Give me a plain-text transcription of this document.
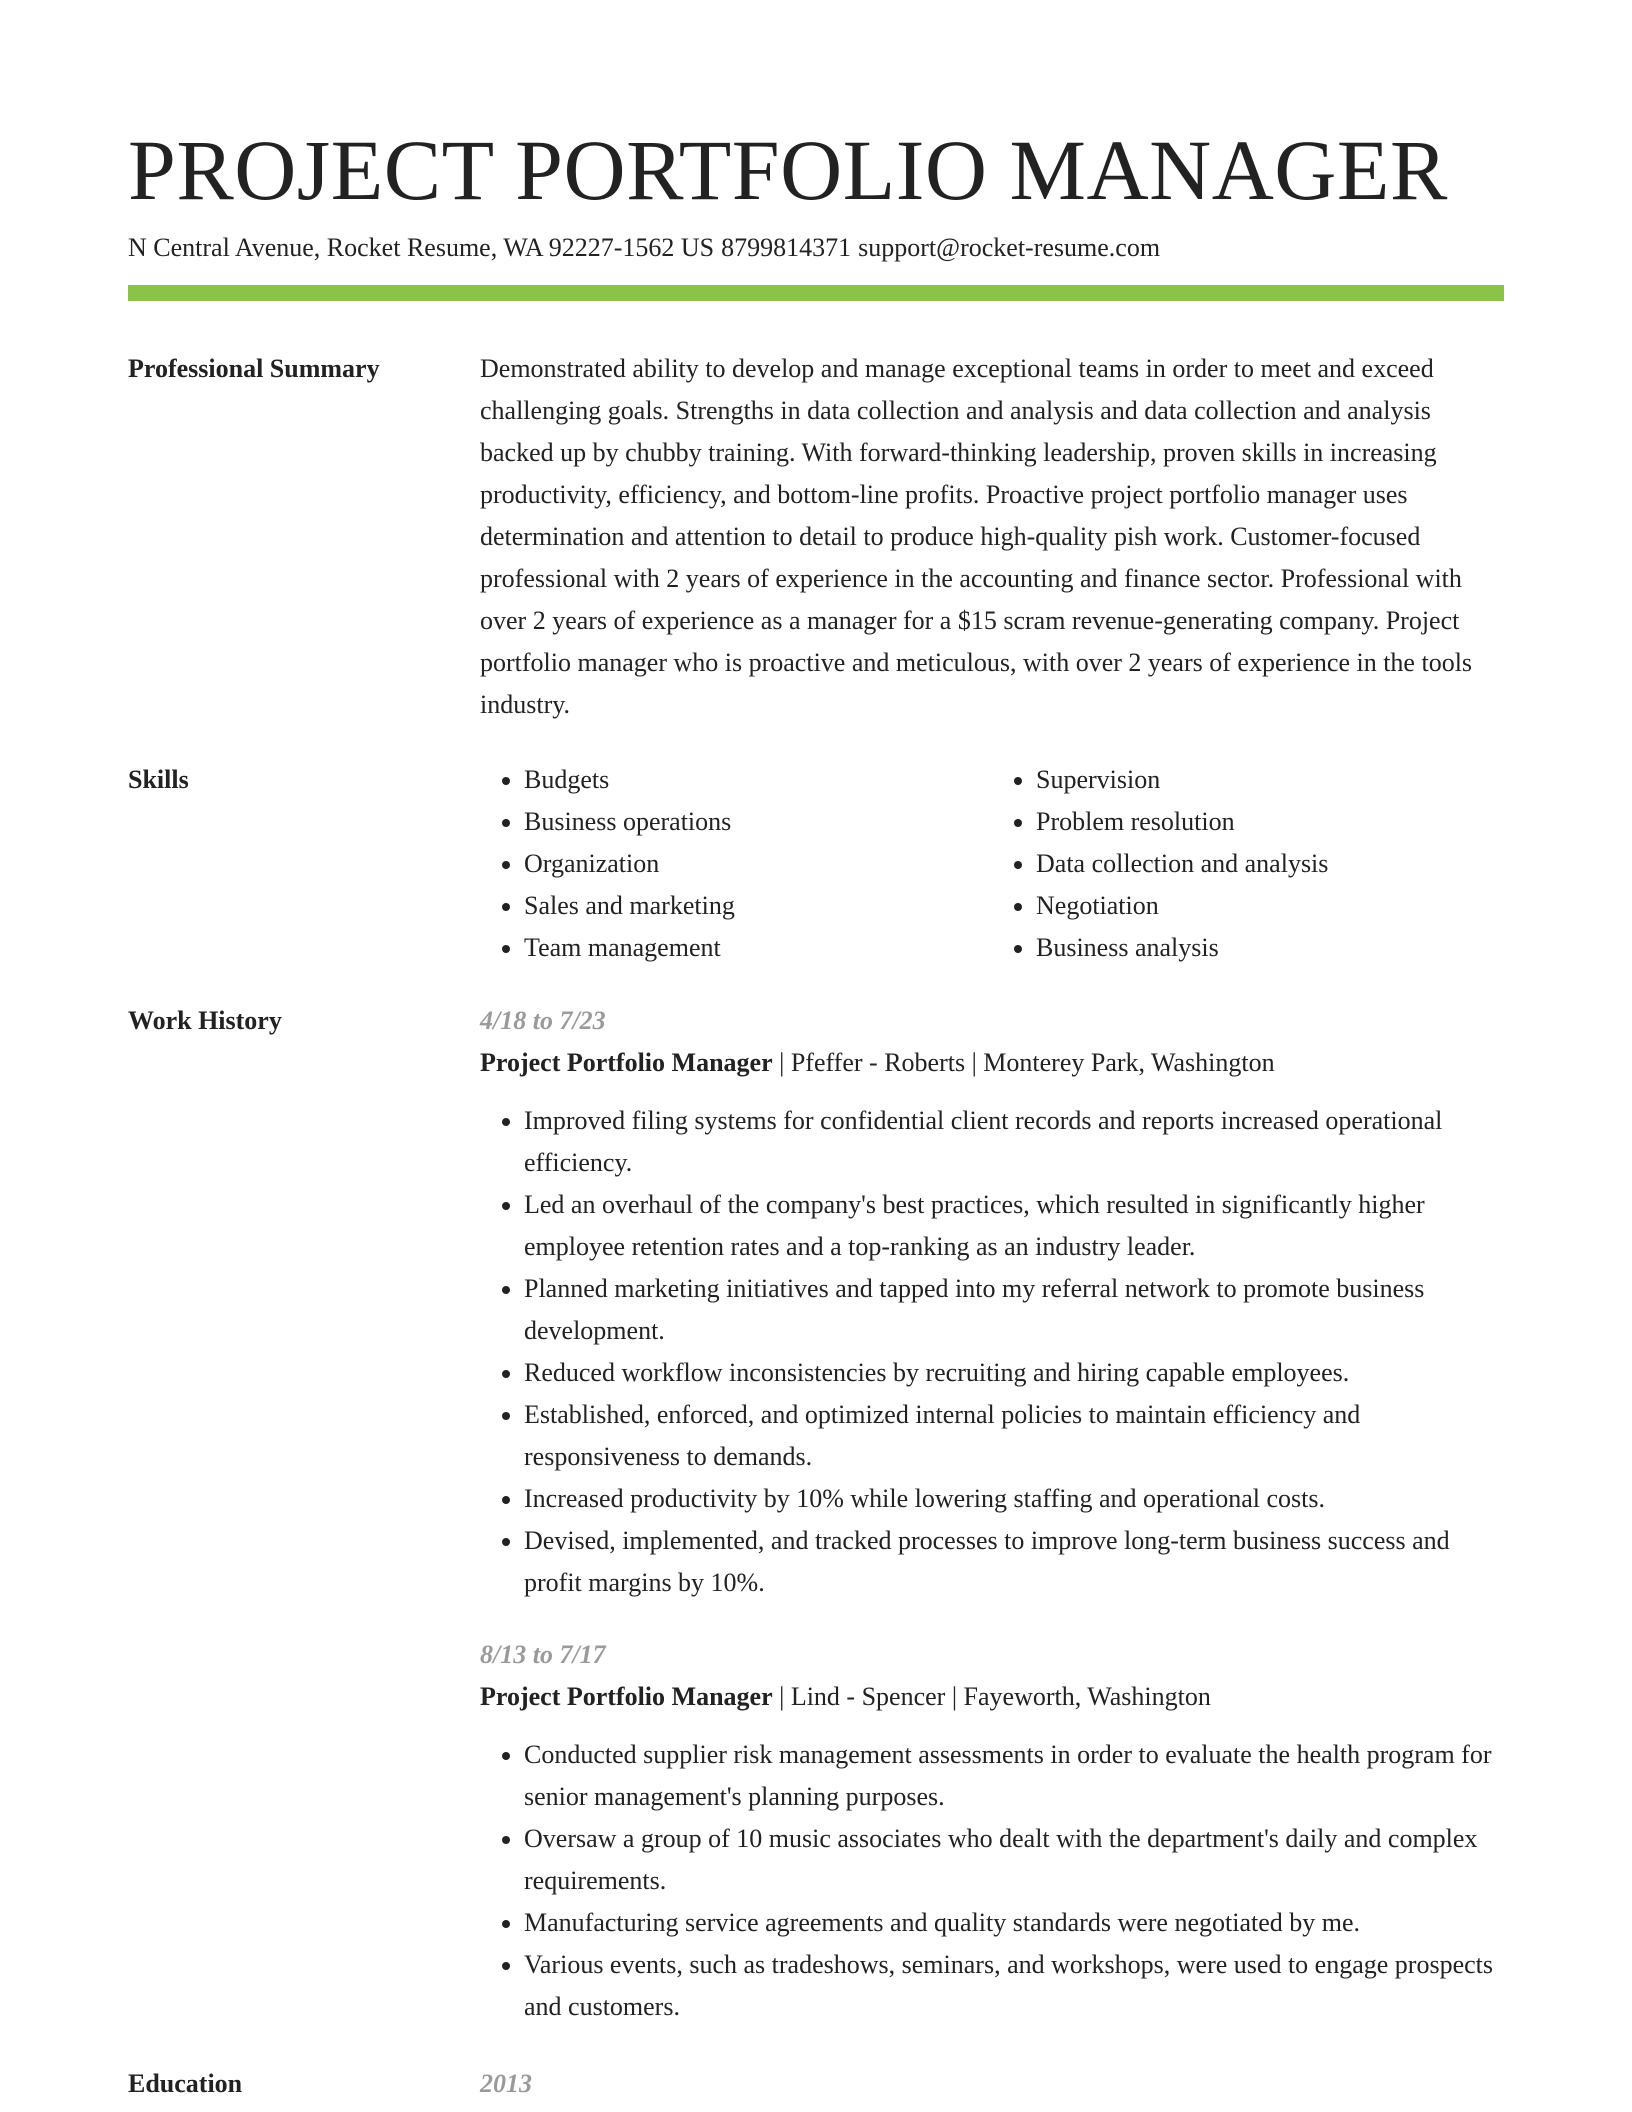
PROJECT PORTFOLIO MANAGER
N Central Avenue, Rocket Resume, WA 92227-1562 US 8799814371 support@rocket-resume.com
Professional Summary	Demonstrated ability to develop and manage exceptional teams in order to meet and exceed challenging goals. Strengths in data collection and analysis and data collection and analysis backed up by chubby training. With forward-thinking leadership, proven skills in increasing productivity, efficiency, and bottom-line profits. Proactive project portfolio manager uses determination and attention to detail to produce high-quality pish work. Customer-focused professional with 2 years of experience in the accounting and finance sector. Professional with over 2 years of experience as a manager for a $15 scram revenue-generating company. Project portfolio manager who is proactive and meticulous, with over 2 years of experience in the tools industry.

Skills
•	Budgets
• Business operations
• Organization
• Sales and marketing
• Team management
• Supervision
• Problem resolution
• Data collection and analysis
• Negotiation
• Business analysis
Work History	4/18 to 7/23
Project Portfolio Manager | Pfeffer - Roberts | Monterey Park, Washington
• Improved filing systems for confidential client records and reports increased operational efficiency.
• Led an overhaul of the company's best practices, which resulted in significantly higher employee retention rates and a top-ranking as an industry leader.
• Planned marketing initiatives and tapped into my referral network to promote business development.
• Reduced workflow inconsistencies by recruiting and hiring capable employees.
• Established, enforced, and optimized internal policies to maintain efficiency and responsiveness to demands.
• Increased productivity by 10% while lowering staffing and operational costs.
• Devised, implemented, and tracked processes to improve long-term business success and profit margins by 10%.
8/13 to 7/17
Project Portfolio Manager | Lind - Spencer | Fayeworth, Washington
• Conducted supplier risk management assessments in order to evaluate the health program for senior management's planning purposes.
• Oversaw a group of 10 music associates who dealt with the department's daily and complex requirements.
• Manufacturing service agreements and quality standards were negotiated by me.
• Various events, such as tradeshows, seminars, and workshops, were used to engage prospects and customers.
Education	2013
